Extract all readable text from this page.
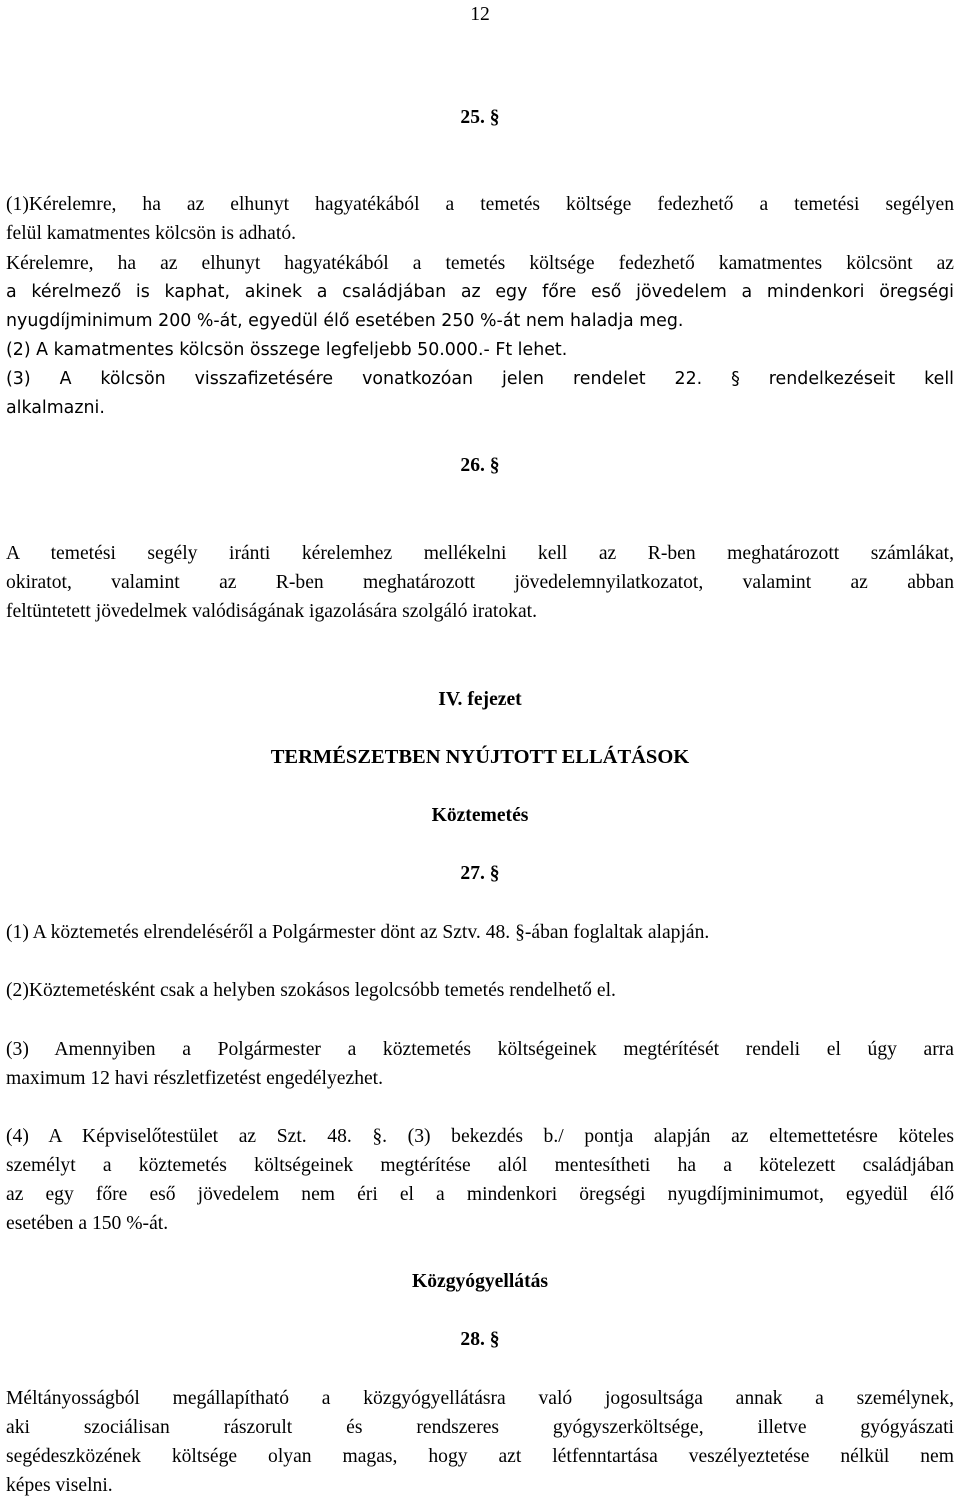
12
25. §
(1)Kérelemre, ha az elhunyt hagyatékából a temetés költsége fedezhető a temetési segélyen
felül kamatmentes kölcsön is adható.
Kérelemre, ha az elhunyt hagyatékából a temetés költsége fedezhető kamatmentes kölcsönt az
a kérelmező is kaphat, akinek a családjában az egy főre eső jövedelem a mindenkori öregségi
nyugdíjminimum 200 %-át, egyedül élő esetében 250 %-át nem haladja meg.
(2) A kamatmentes kölcsön összege legfeljebb 50.000.- Ft lehet.
(3) A kölcsön visszafizetésére vonatkozóan jelen rendelet 22. § rendelkezéseit kell
alkalmazni.
26. §
A temetési segély iránti kérelemhez mellékelni kell az R-ben meghatározott számlákat,
okiratot, valamint az R-ben meghatározott jövedelemnyilatkozatot, valamint az abban
feltüntetett jövedelmek valódiságának igazolására szolgáló iratokat.
IV. fejezet
TERMÉSZETBEN NYÚJTOTT ELLÁTÁSOK
Köztemetés
27. §
(1) A köztemetés elrendeléséről a Polgármester dönt az Sztv. 48. §-ában foglaltak alapján.
(2)Köztemetésként csak a helyben szokásos legolcsóbb temetés rendelhető el.
(3) Amennyiben a Polgármester a köztemetés költségeinek megtérítését rendeli el úgy arra
maximum 12 havi részletfizetést engedélyezhet.
(4) A Képviselőtestület az Szt. 48. §. (3) bekezdés b./ pontja alapján az eltemettetésre köteles
személyt a köztemetés költségeinek megtérítése alól mentesítheti ha a kötelezett családjában
az egy főre eső jövedelem nem éri el a mindenkori öregségi nyugdíjminimumot, egyedül élő
esetében a 150 %-át.
Közgyógyellátás
28. §
Méltányosságból megállapítható a közgyógyellátásra való jogosultsága annak a személynek,
aki szociálisan rászorult és rendszeres gyógyszerköltsége, illetve gyógyászati
segédeszközének költsége olyan magas, hogy azt létfenntartása veszélyeztetése nélkül nem
képes viselni.
